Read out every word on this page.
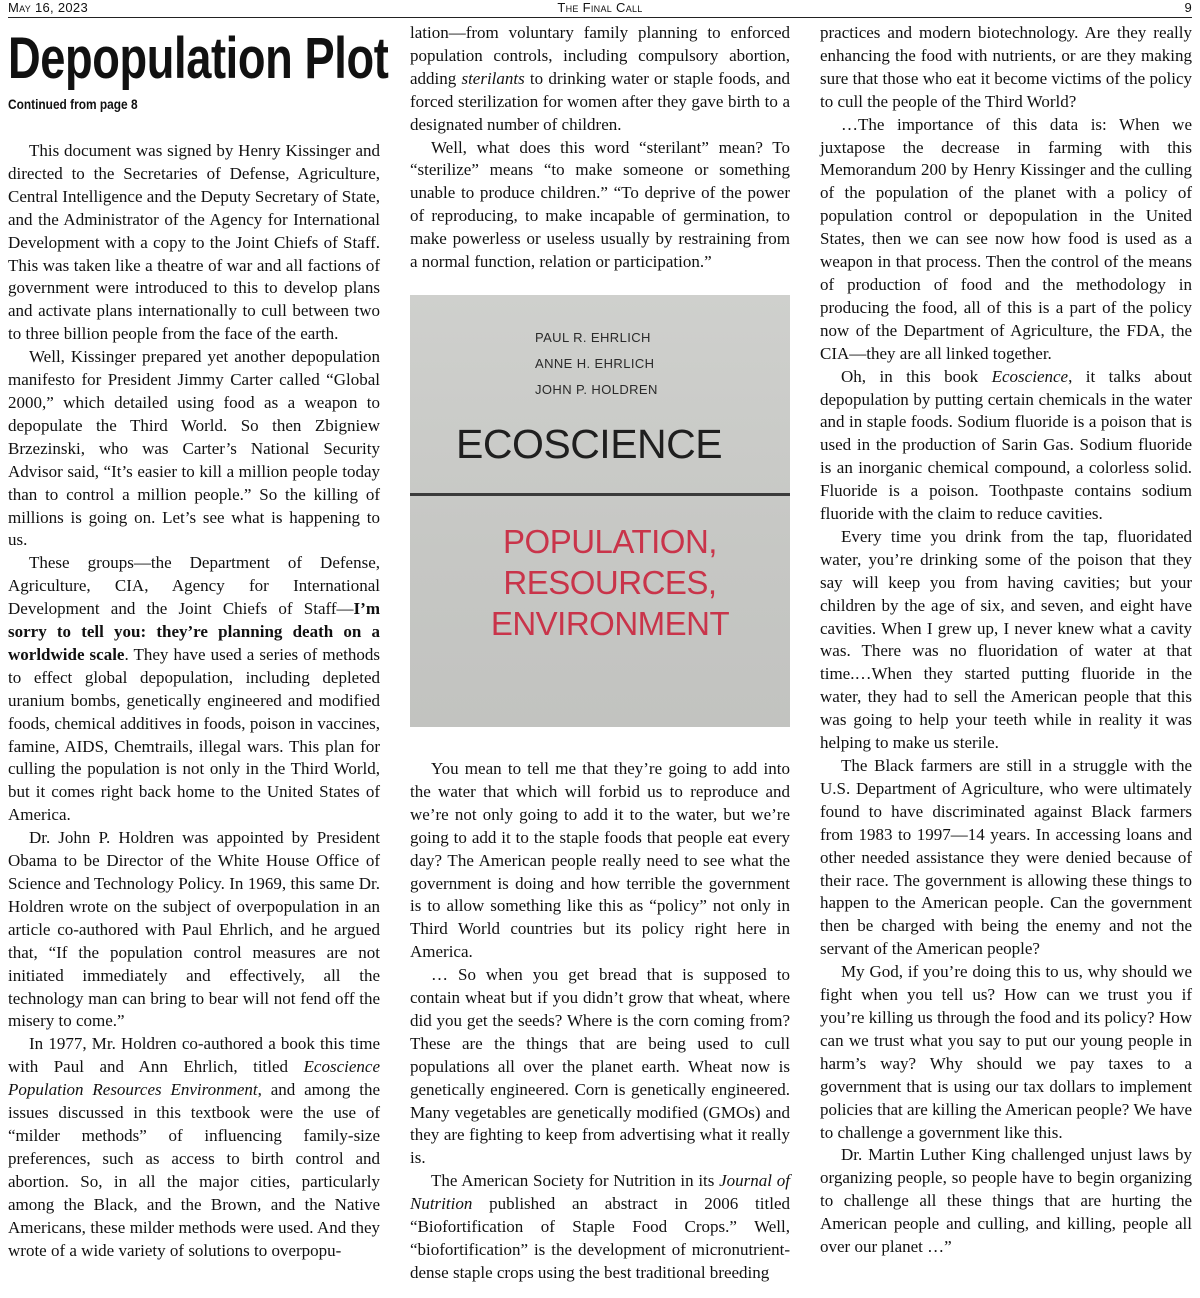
May 16, 2023	The Final Call	9
Depopulation Plot
Continued from page 8

This document was signed by Henry Kissinger and directed to the Secretaries of Defense, Agriculture, Central Intelligence and the Deputy Secretary of State, and the Administrator of the Agency for International Development with a copy to the Joint Chiefs of Staff. This was taken like a theatre of war and all factions of government were introduced to this to develop plans and activate plans internationally to cull between two to three billion people from the face of the earth.

Well, Kissinger prepared yet another depopulation manifesto for President Jimmy Carter called “Global 2000,” which detailed using food as a weapon to depopulate the Third World. So then Zbigniew Brzezinski, who was Carter’s National Security Advisor said, “It’s easier to kill a million people today than to control a million people.” So the killing of millions is going on. Let’s see what is happening to us.

These groups—the Department of Defense, Agriculture, CIA, Agency for International Development and the Joint Chiefs of Staff—I’m sorry to tell you: they’re planning death on a worldwide scale. They have used a series of methods to effect global depopulation, including depleted uranium bombs, genetically engineered and modified foods, chemical additives in foods, poison in vaccines, famine, AIDS, Chemtrails, illegal wars. This plan for culling the population is not only in the Third World, but it comes right back home to the United States of America.

Dr. John P. Holdren was appointed by President Obama to be Director of the White House Office of Science and Technology Policy. In 1969, this same Dr. Holdren wrote on the subject of overpopulation in an article co-authored with Paul Ehrlich, and he argued that, “If the population control measures are not initiated immediately and effectively, all the technology man can bring to bear will not fend off the misery to come.”

In 1977, Mr. Holdren co-authored a book this time with Paul and Ann Ehrlich, titled Ecoscience Population Resources Environment, and among the issues discussed in this textbook were the use of “milder methods” of influencing family-size preferences, such as access to birth control and abortion. So, in all the major cities, particularly among the Black, and the Brown, and the Native Americans, these milder methods were used. And they wrote of a wide variety of solutions to overpopu-

lation—from voluntary family planning to enforced population controls, including compulsory abortion, adding sterilants to drinking water or staple foods, and forced sterilization for women after they gave birth to a designated number of children.

Well, what does this word “sterilant” mean? To “sterilize” means “to make someone or something unable to produce children.” “To deprive of the power of reproducing, to make incapable of germination, to make powerless or useless usually by restraining from a normal function, relation or participation.”

PAUL R. EHRLICH
ANNE H. EHRLICH
JOHN P. HOLDREN
ECOSCIENCE
POPULATION,
RESOURCES,
ENVIRONMENT

You mean to tell me that they’re going to add into the water that which will forbid us to reproduce and we’re not only going to add it to the water, but we’re going to add it to the staple foods that people eat every day? The American people really need to see what the government is doing and how terrible the government is to allow something like this as “policy” not only in Third World countries but its policy right here in America.

… So when you get bread that is supposed to contain wheat but if you didn’t grow that wheat, where did you get the seeds? Where is the corn coming from? These are the things that are being used to cull populations all over the planet earth. Wheat now is genetically engineered. Corn is genetically engineered. Many vegetables are genetically modified (GMOs) and they are fighting to keep from advertising what it really is.

The American Society for Nutrition in its Journal of Nutrition published an abstract in 2006 titled “Biofortification of Staple Food Crops.” Well, “biofortification” is the development of micronutrient-dense staple crops using the best traditional breeding

practices and modern biotechnology. Are they really enhancing the food with nutrients, or are they making sure that those who eat it become victims of the policy to cull the people of the Third World?

…The importance of this data is: When we juxtapose the decrease in farming with this Memorandum 200 by Henry Kissinger and the culling of the population of the planet with a policy of population control or depopulation in the United States, then we can see now how food is used as a weapon in that process. Then the control of the means of production of food and the methodology in producing the food, all of this is a part of the policy now of the Department of Agriculture, the FDA, the CIA—they are all linked together.

Oh, in this book Ecoscience, it talks about depopulation by putting certain chemicals in the water and in staple foods. Sodium fluoride is a poison that is used in the production of Sarin Gas. Sodium fluoride is an inorganic chemical compound, a colorless solid. Fluoride is a poison. Toothpaste contains sodium fluoride with the claim to reduce cavities.

Every time you drink from the tap, fluoridated water, you’re drinking some of the poison that they say will keep you from having cavities; but your children by the age of six, and seven, and eight have cavities. When I grew up, I never knew what a cavity was. There was no fluoridation of water at that time.…When they started putting fluoride in the water, they had to sell the American people that this was going to help your teeth while in reality it was helping to make us sterile.

The Black farmers are still in a struggle with the U.S. Department of Agriculture, who were ultimately found to have discriminated against Black farmers from 1983 to 1997—14 years. In accessing loans and other needed assistance they were denied because of their race. The government is allowing these things to happen to the American people. Can the government then be charged with being the enemy and not the servant of the American people?

My God, if you’re doing this to us, why should we fight when you tell us? How can we trust you if you’re killing us through the food and its policy? How can we trust what you say to put our young people in harm’s way? Why should we pay taxes to a government that is using our tax dollars to implement policies that are killing the American people? We have to challenge a government like this.

Dr. Martin Luther King challenged unjust laws by organizing people, so people have to begin organizing to challenge all these things that are hurting the American people and culling, and killing, people all over our planet …”
